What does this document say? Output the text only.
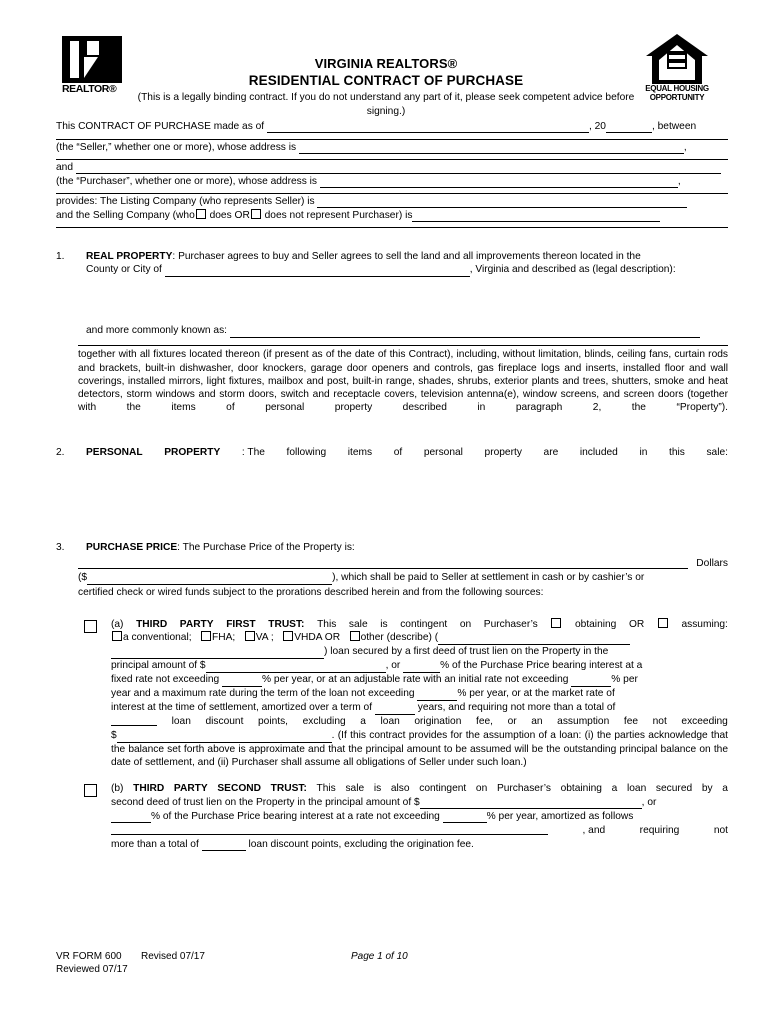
REALTOR®
VIRGINIA REALTORS®
RESIDENTIAL CONTRACT OF PURCHASE
(This is a legally binding contract. If you do not understand any part of it, please seek competent advice before signing.)
EQUAL HOUSING
OPPORTUNITY
This CONTRACT OF PURCHASE made as of	, 20	, between
(the “Seller,” whether one or more), whose address is	,
and
(the “Purchaser”, whether one or more), whose address is	,
provides: The Listing Company (who represents Seller) is
and the Selling Company (who does OR does not represent Purchaser) is
1.	REAL PROPERTY: Purchaser agrees to buy and Seller agrees to sell the land and all improvements thereon located in the
County or City of	, Virginia and described as (legal description):
and more commonly known as:
together with all fixtures located thereon (if present as of the date of this Contract), including, without limitation, blinds, ceiling fans, curtain rods and brackets, built-in dishwasher, door knockers, garage door openers and controls, gas fireplace logs and inserts, installed floor and wall coverings, installed mirrors, light fixtures, mailbox and post, built-in range, shades, shrubs, exterior plants and trees, shutters, smoke and heat detectors, storm windows and storm doors, switch and receptacle covers, television antenna(e), window screens, and screen doors (together with the items of personal property described in paragraph 2, the “Property”).
2.	PERSONAL PROPERTY : The following items of personal property are included in this sale:
3.	PURCHASE PRICE: The Purchase Price of the Property is:
Dollars
($	), which shall be paid to Seller at settlement in cash or by cashier’s or
certified check or wired funds subject to the prorations described herein and from the following sources:
(a) THIRD PARTY FIRST TRUST: This sale is contingent on Purchaser’s	obtaining OR	assuming:
a conventional; FHA; VA ; VHDA OR other (describe) (
) loan secured by a first deed of trust lien on the Property in the
principal amount of $	, or	% of the Purchase Price bearing interest at a
fixed rate not exceeding	% per year, or at an adjustable rate with an initial rate not exceeding	% per
year and a maximum rate during the term of the loan not exceeding	% per year, or at the market rate of
interest at the time of settlement, amortized over a term of	years, and requiring not more than a total of
loan discount points, excluding a loan origination fee, or an assumption fee not exceeding
$	. (If this contract provides for the assumption of a loan: (i) the parties acknowledge that the balance set forth above is approximate and that the principal amount to be assumed will be the outstanding principal balance on the date of settlement, and (ii) Purchaser shall assume all obligations of Seller under such loan.)
(b) THIRD PARTY SECOND TRUST: This sale is also contingent on Purchaser’s obtaining a loan secured by a
second deed of trust lien on the Property in the principal amount of $	, or
% of the Purchase Price bearing interest at a rate not exceeding	% per year, amortized as follows
, and	requiring	not
more than a total of	loan discount points, excluding the origination fee.
VR FORM 600 Revised 07/17	Page 1 of 10
Reviewed 07/17
